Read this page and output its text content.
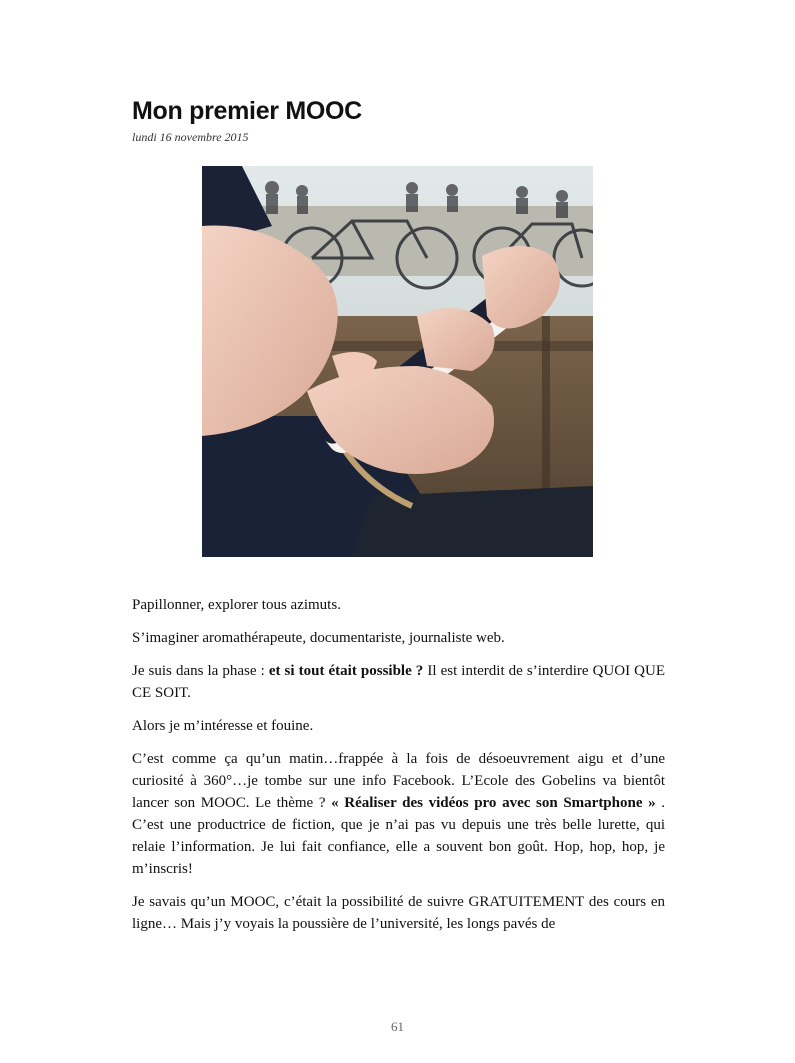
Mon premier MOOC
lundi 16 novembre 2015

Papillonner, explorer tous azimuts.

S’imaginer aromathérapeute, documentariste, journaliste web.

Je suis dans la phase : et si tout était possible ? Il est interdit de s’interdire QUOI QUE CE SOIT.

Alors je m’intéresse et fouine.

C’est comme ça qu’un matin…frappée à la fois de désoeuvrement aigu et d’une curiosité à 360°…je tombe sur une info Facebook. L’Ecole des Gobelins va bientôt lancer son MOOC. Le thème ? « Réaliser des vidéos pro avec son Smartphone » . C’est une productrice de fiction, que je n’ai pas vu depuis une très belle lurette, qui relaie l’information. Je lui fait confiance, elle a souvent bon goût. Hop, hop, hop, je m’inscris!

Je savais qu’un MOOC, c’était la possibilité de suivre GRATUITEMENT des cours en ligne… Mais j’y voyais la poussière de l’université, les longs pavés de

61
